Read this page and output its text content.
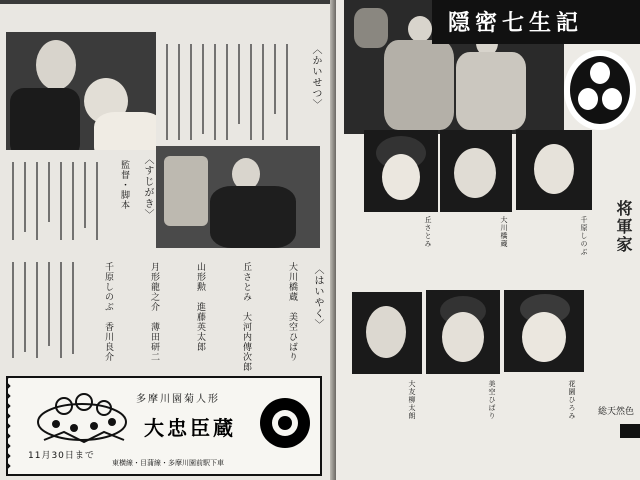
〈かいせつ〉
監督・脚本 〈すじがき〉
〈はいやく〉
大川橋蔵　美空ひばり
丘さとみ　大河内傳次郎
山形勲　進藤英太郎
月形龍之介　薄田研二
千原しのぶ　香川良介
多摩川園菊人形
大忠臣蔵
11月30日まで
東横線・目蒲線・多摩川園前駅下車
隠密七生記
丘さとみ	大川橋蔵	千原しのぶ 将軍家
大友柳太朗	美空ひばり	花園ひろみ 総天然色
